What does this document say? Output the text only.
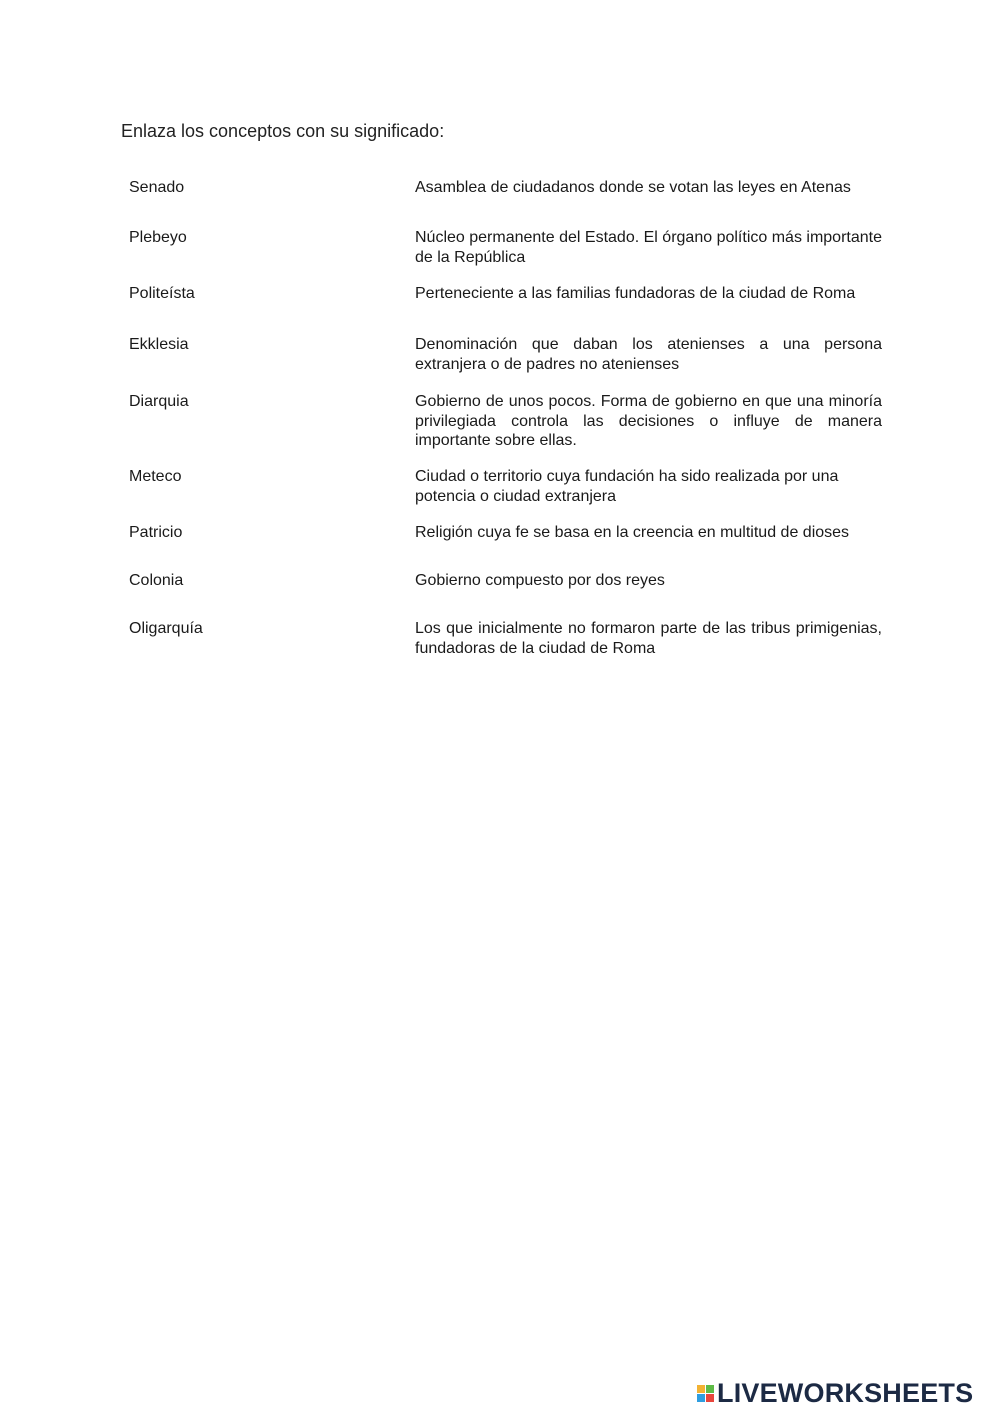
Enlaza los conceptos con su significado:
Senado	Asamblea de ciudadanos donde se votan las leyes en Atenas
Plebeyo	Núcleo permanente del Estado. El órgano político más importante de la República
Politeísta	Perteneciente a las familias fundadoras de la ciudad de Roma
Ekklesia	Denominación que daban los atenienses a una persona extranjera o de padres no atenienses
Diarquia	Gobierno de unos pocos. Forma de gobierno en que una minoría privilegiada controla las decisiones o influye de manera importante sobre ellas.
Meteco	Ciudad o territorio cuya fundación ha sido realizada por una potencia o ciudad extranjera
Patricio	Religión cuya fe se basa en la creencia en multitud de dioses
Colonia	Gobierno compuesto por dos reyes
Oligarquía	Los que inicialmente no formaron parte de las tribus primigenias, fundadoras de la ciudad de Roma
LIVEWORKSHEETS
